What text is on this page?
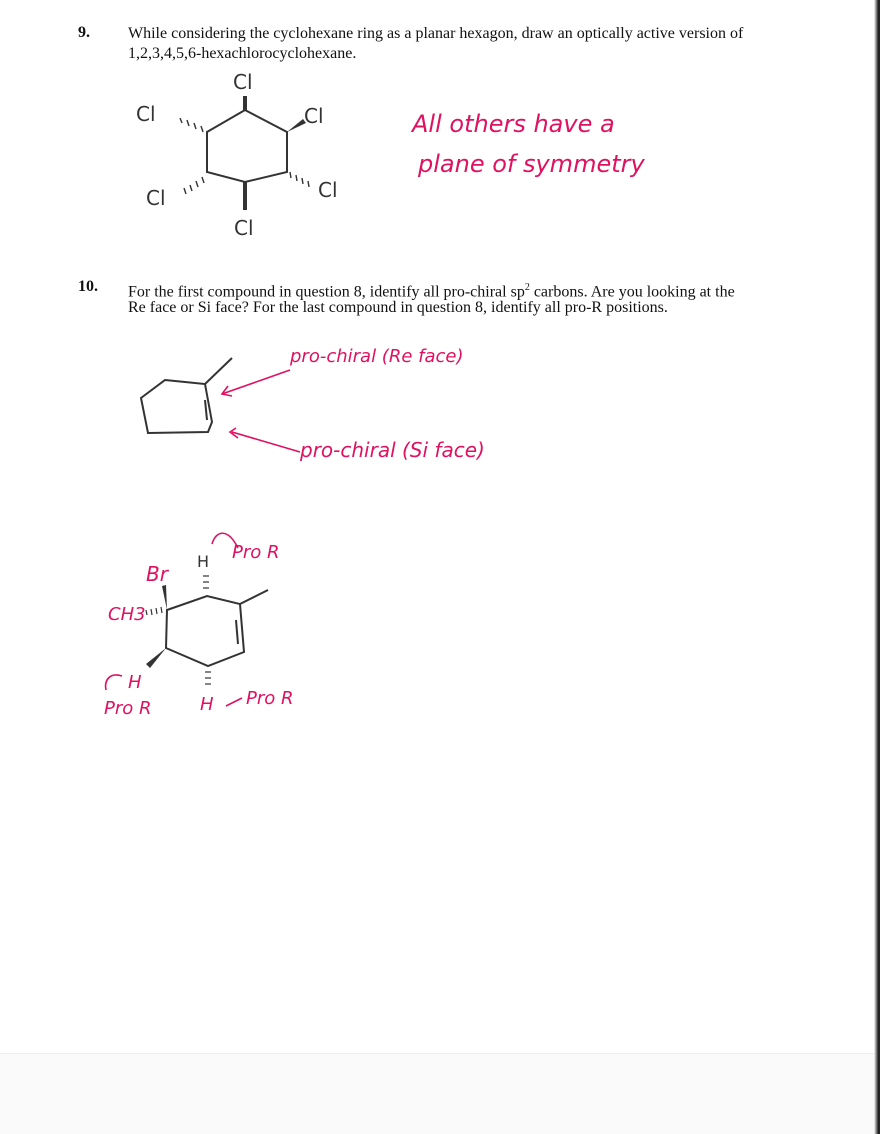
9. While considering the cyclohexane ring as a planar hexagon, draw an optically active version of
1,2,3,4,5,6-hexachlorocyclohexane.
Cl
Cl
Cl
Cl	Cl
Cl
All others have a
plane of symmetry
10. For the first compound in question 8, identify all pro-chiral $sp^2$ carbons. Are you looking at the
Re face or Si face? For the last compound in question 8, identify all pro-R positions.
pro-chiral (Re face)
pro-chiral (Si face)
H Pro R
Br
CH3
H
Pro R	H Pro R
